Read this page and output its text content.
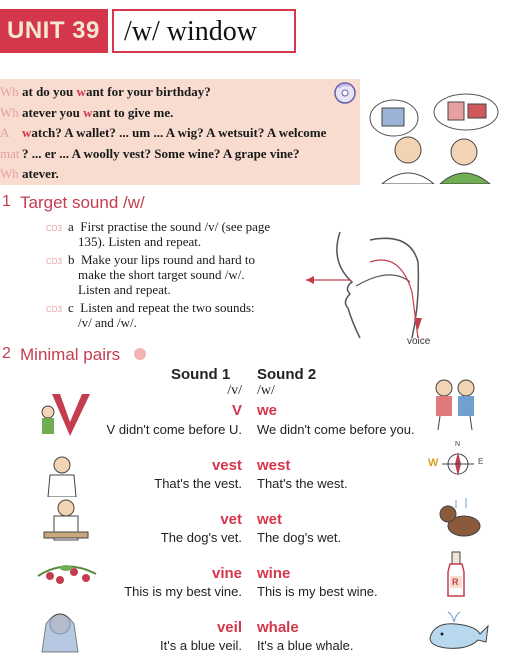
UNIT 39 /w/ window
Wh at do you want for your birthday?
Wh atever you want to give me.
A watch? A wallet? ... um ... A wig? A wetsuit? A welcome
mat ? ... er ... A woolly vest? Some wine? A grape vine?
Wh atever.
1 Target sound /w/
CD3 a First practise the sound /v/ (see page
135). Listen and repeat.
CD3 b Make your lips round and hard to
make the short target sound /w/.
Listen and repeat.
CD3 c Listen and repeat the two sounds:
/v/ and /w/.
voice
2 Minimal pairs
Sound 1 Sound 2
/v/ /w/
V we
V didn't come before U. We didn't come before you.
vest west
That's the vest. That's the west.
vet wet
The dog's vet. The dog's wet.
vine wine
This is my best vine. This is my best wine.
veil whale
It's a blue veil. It's a blue whale.
W	E
N
R
